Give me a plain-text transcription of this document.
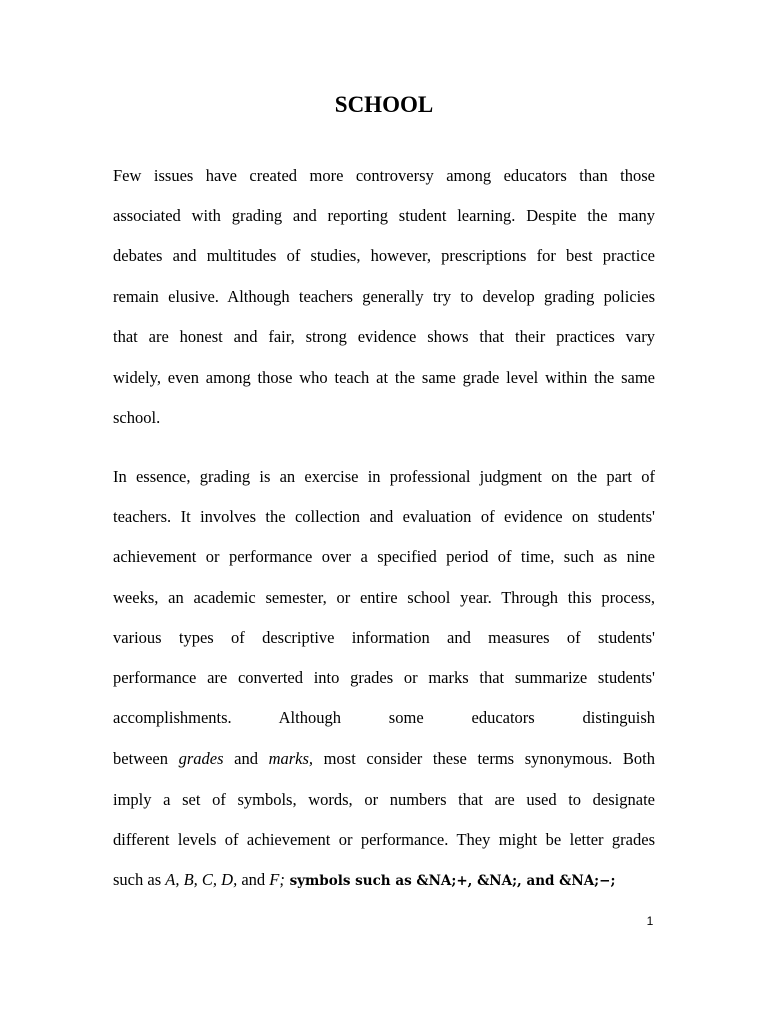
SCHOOL
Few issues have created more controversy among educators than those
associated with grading and reporting student learning. Despite the many
debates and multitudes of studies, however, prescriptions for best practice
remain elusive. Although teachers generally try to develop grading policies
that are honest and fair, strong evidence shows that their practices vary
widely, even among those who teach at the same grade level within the same
school.
In essence, grading is an exercise in professional judgment on the part of
teachers. It involves the collection and evaluation of evidence on students'
achievement or performance over a specified period of time, such as nine
weeks, an academic semester, or entire school year. Through this process,
various types of descriptive information and measures of students'
performance are converted into grades or marks that summarize students'
accomplishments. Although some educators distinguish
between grades and marks, most consider these terms synonymous. Both
imply a set of symbols, words, or numbers that are used to designate
different levels of achievement or performance. They might be letter grades
such as A, B, C, D, and F; symbols such as &NA;+, &NA;, and &NA;−;
1
